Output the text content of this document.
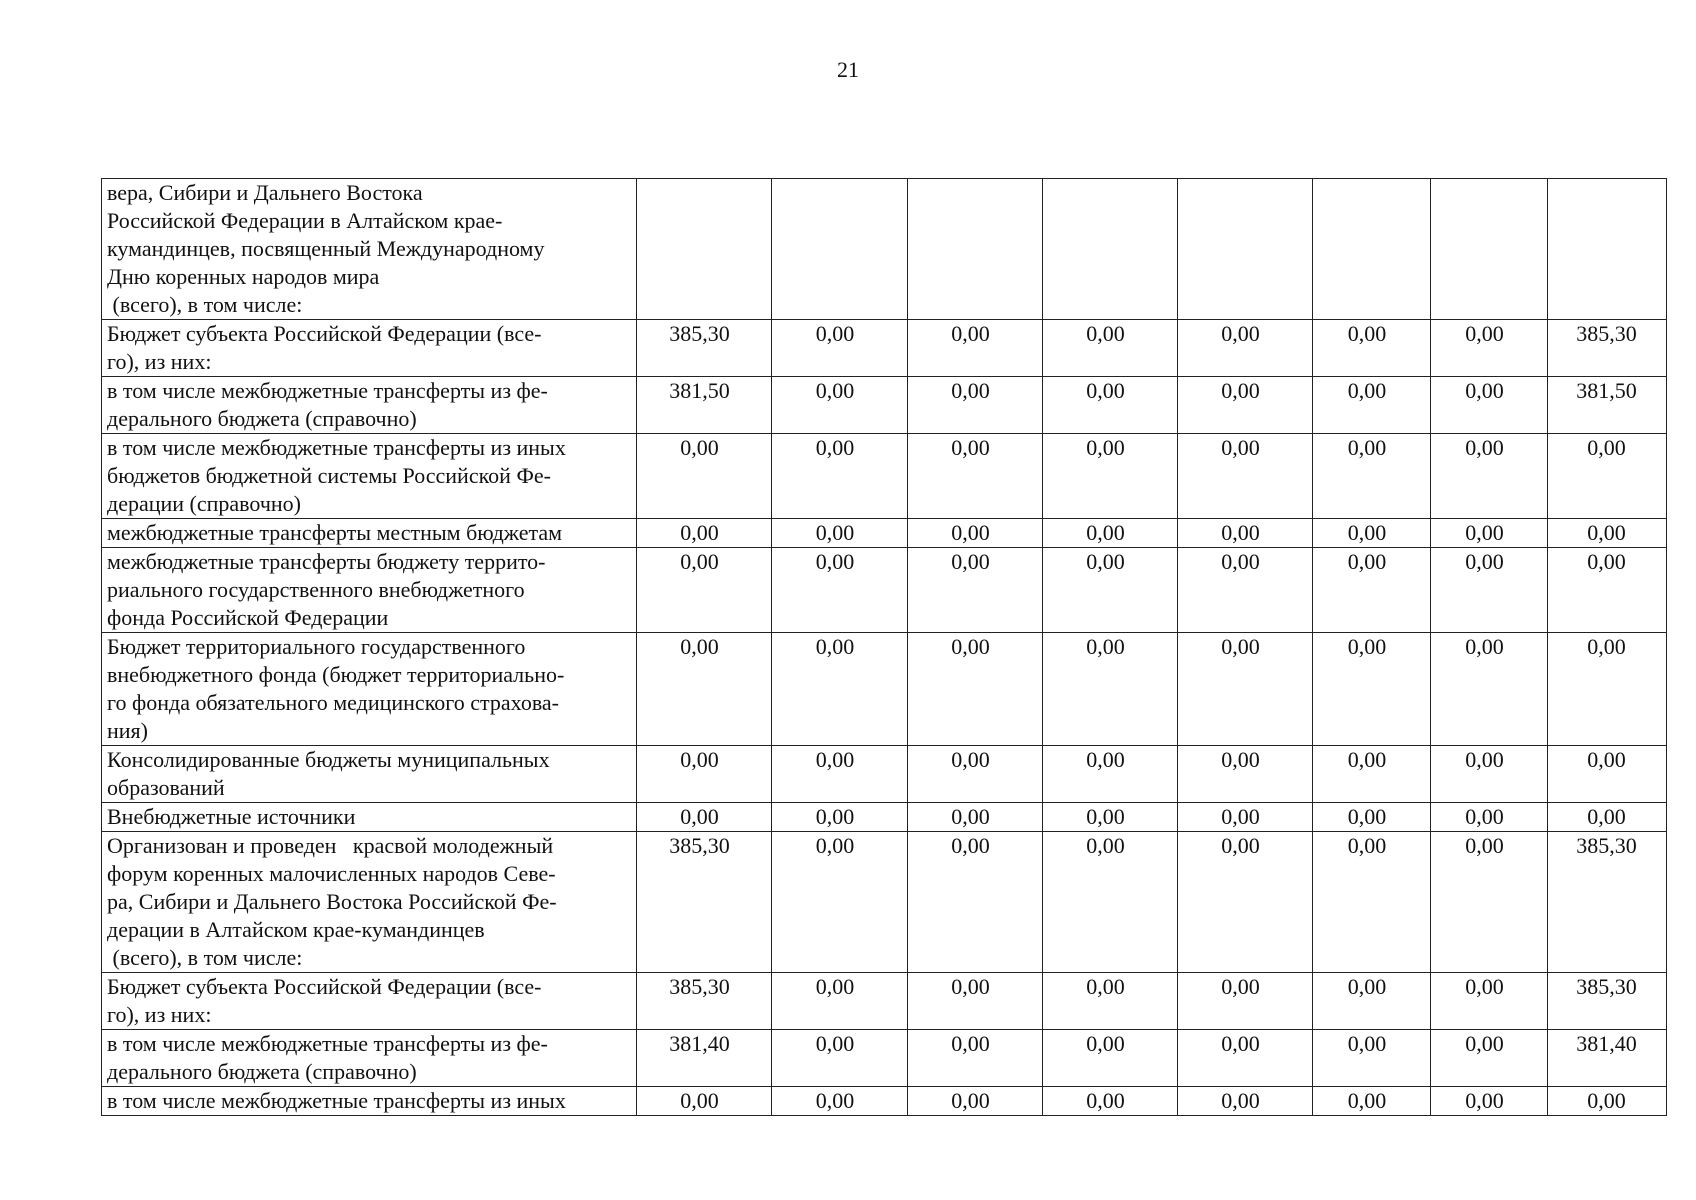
21
вера, Сибири и Дальнего Востока
Российской Федерации в Алтайском крае-
кумандинцев, посвященный Международному
Дню коренных народов мира
(всего), в том числе:								

Бюджет субъекта Российской Федерации (все-
го), из них:	385,30	0,00	0,00	0,00	0,00	0,00	0,00	385,30

в том числе межбюджетные трансферты из фе-
дерального бюджета (справочно)	381,50	0,00	0,00	0,00	0,00	0,00	0,00	381,50

в том числе межбюджетные трансферты из иных
бюджетов бюджетной системы Российской Фе-
дерации (справочно)	0,00	0,00	0,00	0,00	0,00	0,00	0,00	0,00

межбюджетные трансферты местным бюджетам	0,00	0,00	0,00	0,00	0,00	0,00	0,00	0,00

межбюджетные трансферты бюджету террито-
риального государственного внебюджетного
фонда Российской Федерации	0,00	0,00	0,00	0,00	0,00	0,00	0,00	0,00

Бюджет территориального государственного
внебюджетного фонда (бюджет территориально-
го фонда обязательного медицинского страхова-
ния)	0,00	0,00	0,00	0,00	0,00	0,00	0,00	0,00

Консолидированные бюджеты муниципальных
образований	0,00	0,00	0,00	0,00	0,00	0,00	0,00	0,00

Внебюджетные источники	0,00	0,00	0,00	0,00	0,00	0,00	0,00	0,00

Организован и проведен   красвой молодежный
форум коренных малочисленных народов Севе-
ра, Сибири и Дальнего Востока Российской Фе-
дерации в Алтайском крае-кумандинцев
(всего), в том числе:	385,30	0,00	0,00	0,00	0,00	0,00	0,00	385,30

Бюджет субъекта Российской Федерации (все-
го), из них:	385,30	0,00	0,00	0,00	0,00	0,00	0,00	385,30

в том числе межбюджетные трансферты из фе-
дерального бюджета (справочно)	381,40	0,00	0,00	0,00	0,00	0,00	0,00	381,40

в том числе межбюджетные трансферты из иных	0,00	0,00	0,00	0,00	0,00	0,00	0,00	0,00
